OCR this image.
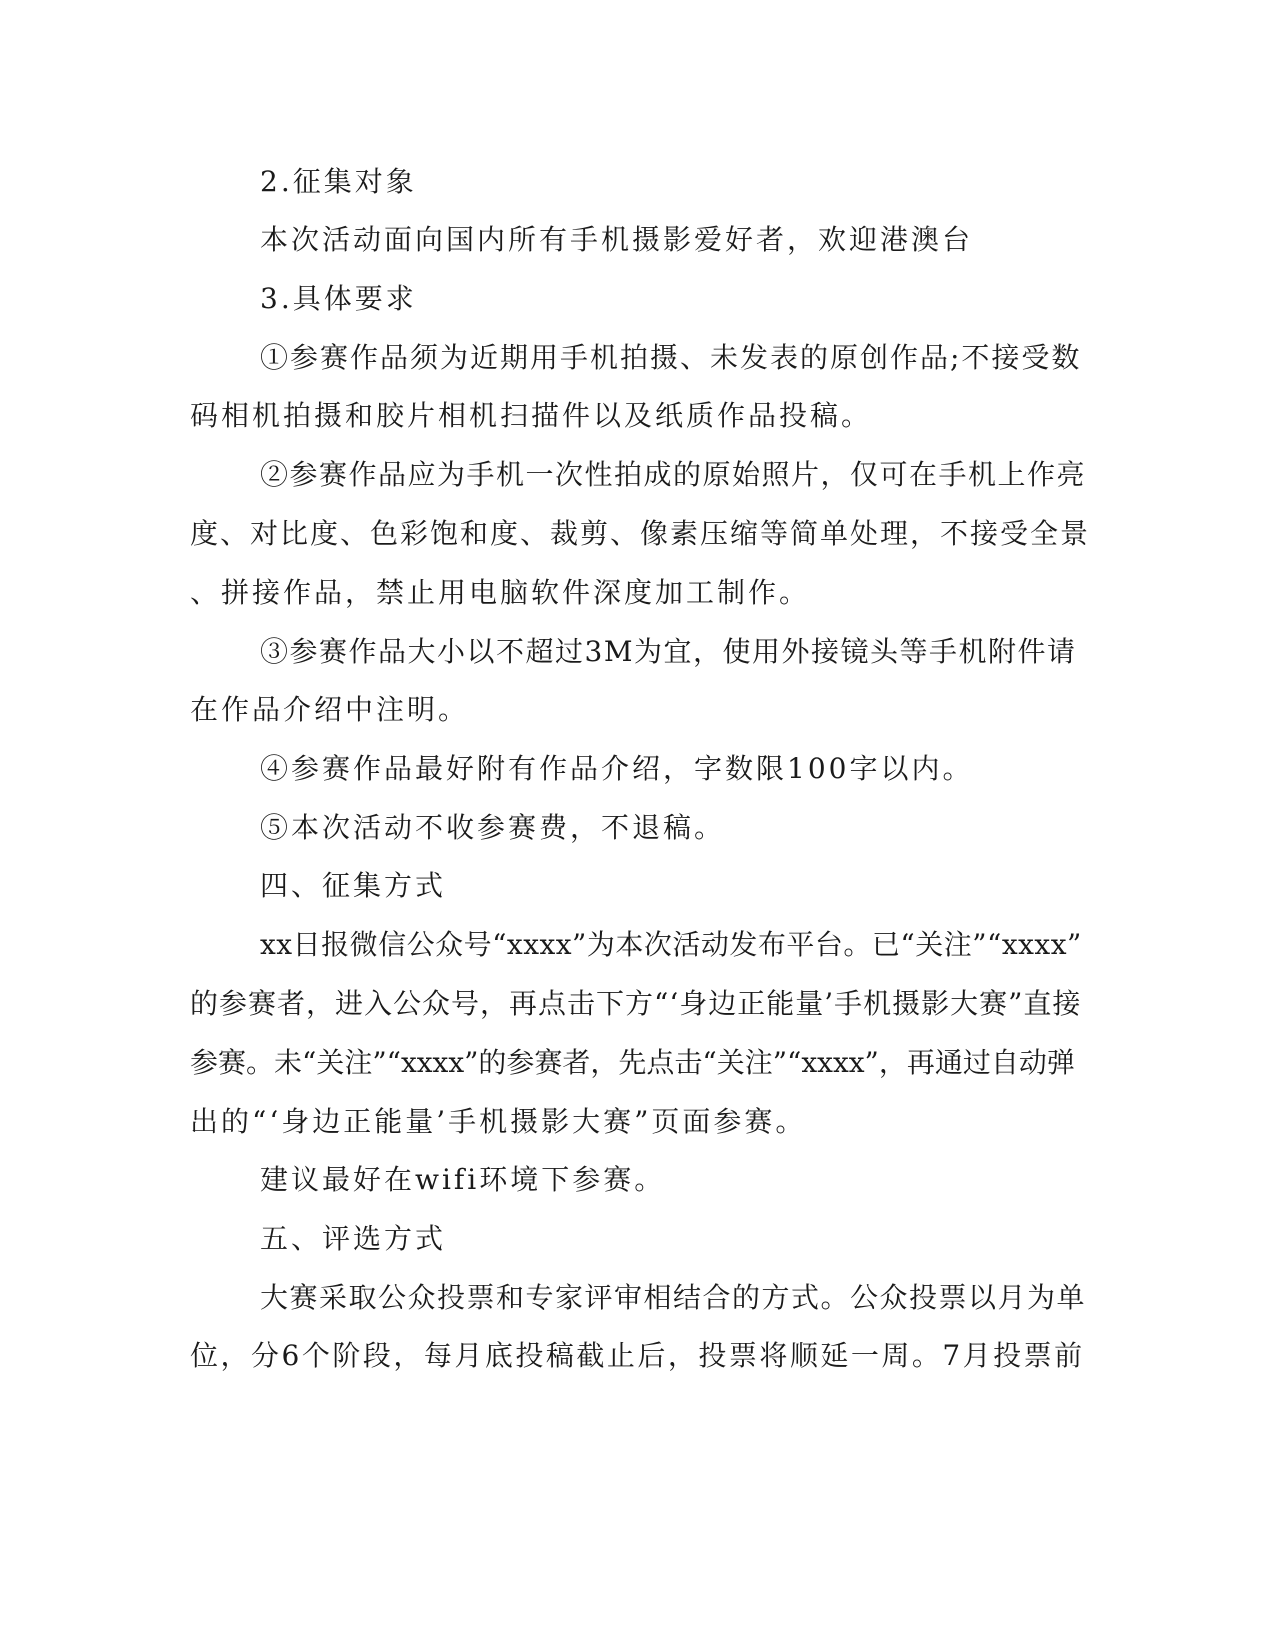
2.征集对象
本次活动面向国内所有手机摄影爱好者，欢迎港澳台
3.具体要求
①参赛作品须为近期用手机拍摄、未发表的原创作品;不接受数
码相机拍摄和胶片相机扫描件以及纸质作品投稿。
②参赛作品应为手机一次性拍成的原始照片，仅可在手机上作亮
度、对比度、色彩饱和度、裁剪、像素压缩等简单处理，不接受全景
、拼接作品，禁止用电脑软件深度加工制作。
③参赛作品大小以不超过3M为宜，使用外接镜头等手机附件请
在作品介绍中注明。
④参赛作品最好附有作品介绍，字数限100字以内。
⑤本次活动不收参赛费，不退稿。
四、征集方式
xx日报微信公众号“xxxx”为本次活动发布平台。已“关注”“xxxx”
的参赛者，进入公众号，再点击下方“‘身边正能量’手机摄影大赛”直接
参赛。未“关注”“xxxx”的参赛者，先点击“关注”“xxxx”，再通过自动弹
出的“‘身边正能量’手机摄影大赛”页面参赛。
建议最好在wifi环境下参赛。
五、评选方式
大赛采取公众投票和专家评审相结合的方式。公众投票以月为单
位，分6个阶段，每月底投稿截止后，投票将顺延一周。7月投票前
